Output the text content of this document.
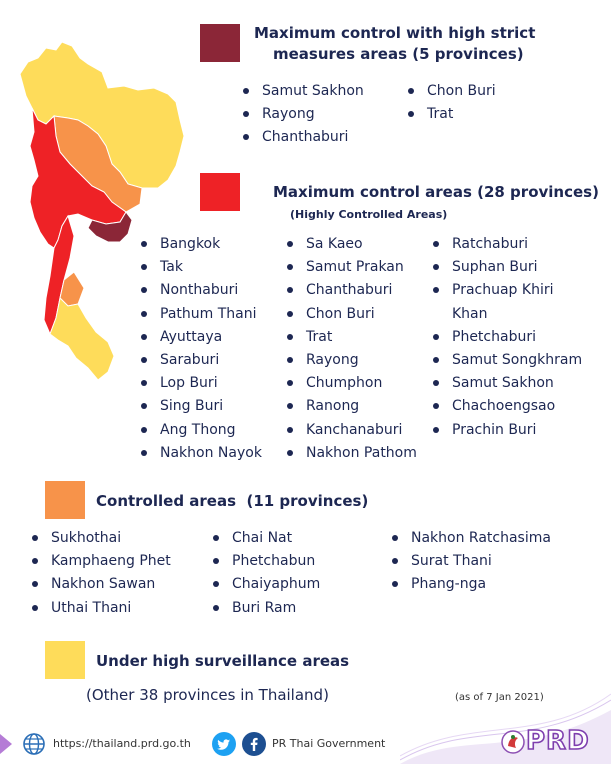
Maximum control with high strict
measures areas (5 provinces)
Samut Sakhon
Rayong
Chanthaburi
Chon Buri
Trat
Maximum control areas (28 provinces)
(Highly Controlled Areas)
Bangkok
Tak
Nonthaburi
Pathum Thani
Ayuttaya
Saraburi
Lop Buri
Sing Buri
Ang Thong
Nakhon Nayok
Sa Kaeo
Samut Prakan
Chanthaburi
Chon Buri
Trat
Rayong
Chumphon
Ranong
Kanchanaburi
Nakhon Pathom
Ratchaburi
Suphan Buri
Prachuap Khiri
Khan
Phetchaburi
Samut Songkhram
Samut Sakhon
Chachoengsao
Prachin Buri
Controlled areas  (11 provinces)
Sukhothai
Kamphaeng Phet
Nakhon Sawan
Uthai Thani
Chai Nat
Phetchabun
Chaiyaphum
Buri Ram
Nakhon Ratchasima
Surat Thani
Phang-nga
Under high surveillance areas
(Other 38 provinces in Thailand)	(as of 7 Jan 2021)
https://thailand.prd.go.th	PR Thai Government	PRD
